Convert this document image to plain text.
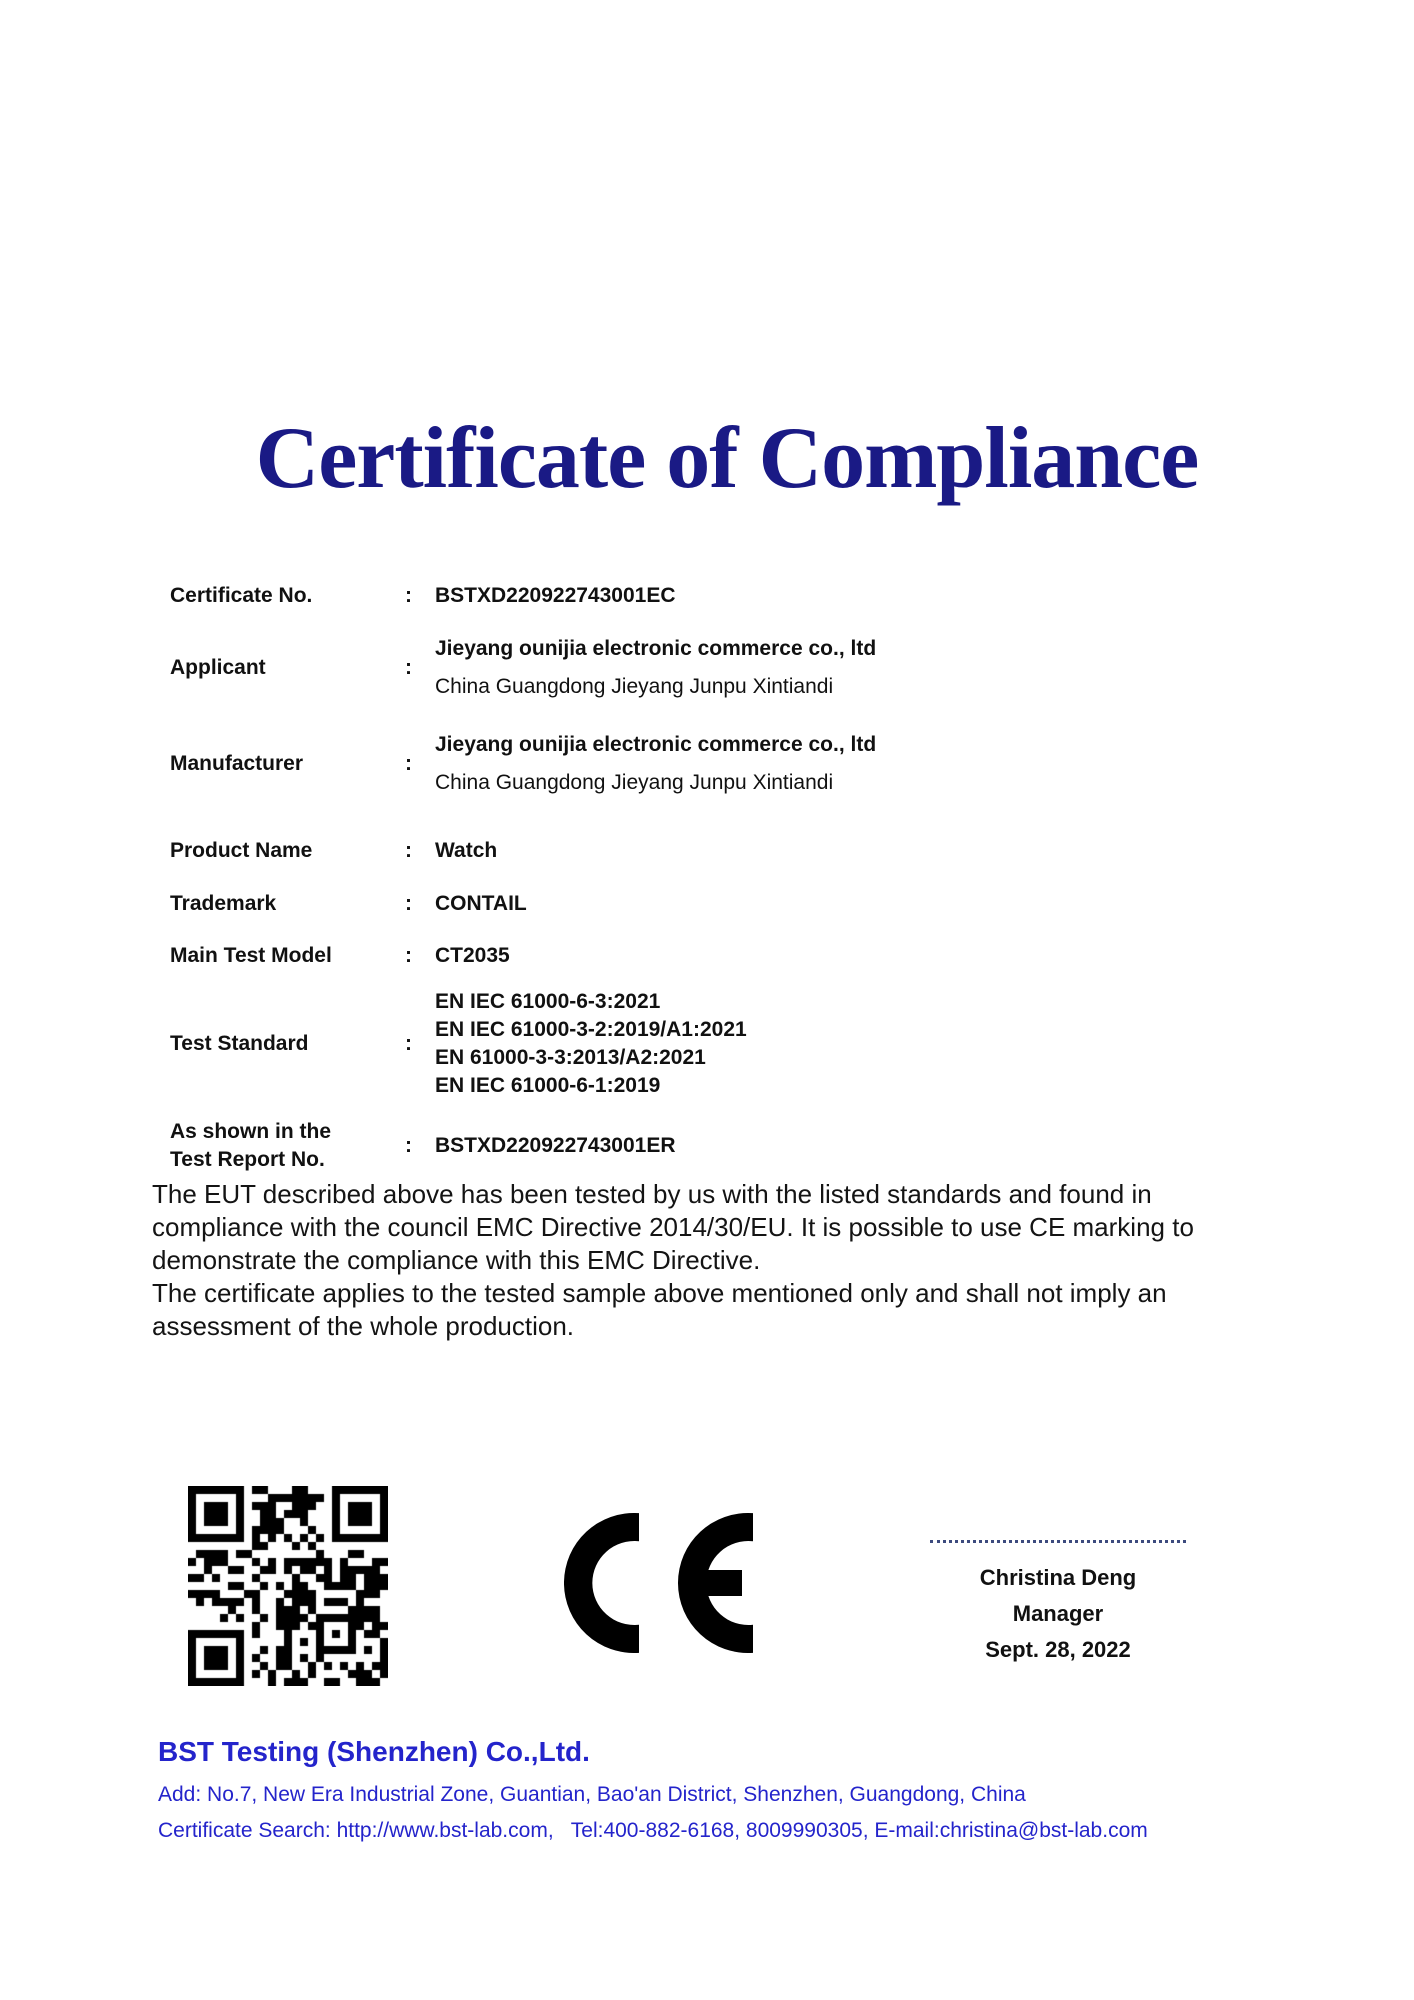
Certificate of Compliance
Certificate No.	:	BSTXD220922743001EC
Applicant	:
Jieyang ounijia electronic commerce co., ltd
China Guangdong Jieyang Junpu Xintiandi
Manufacturer	:
Jieyang ounijia electronic commerce co., ltd
China Guangdong Jieyang Junpu Xintiandi
Product Name	:	Watch
Trademark	:	CONTAIL
Main Test Model	:	CT2035
Test Standard	:
EN IEC 61000-6-3:2021
EN IEC 61000-3-2:2019/A1:2021
EN 61000-3-3:2013/A2:2021
EN IEC 61000-6-1:2019
As shown in the
Test Report No.
:	BSTXD220922743001ER

The EUT described above has been tested by us with the listed standards and found in compliance with the council EMC Directive 2014/30/EU. It is possible to use CE marking to demonstrate the compliance with this EMC Directive.

The certificate applies to the tested sample above mentioned only and shall not imply an assessment of the whole production.

Christina Deng
Manager
Sept. 28, 2022
BST Testing (Shenzhen) Co.,Ltd.
Add: No.7, New Era Industrial Zone, Guantian, Bao'an District, Shenzhen, Guangdong, China
Certificate Search: http://www.bst-lab.com,   Tel:400-882-6168, 8009990305, E-mail:christina@bst-lab.com
